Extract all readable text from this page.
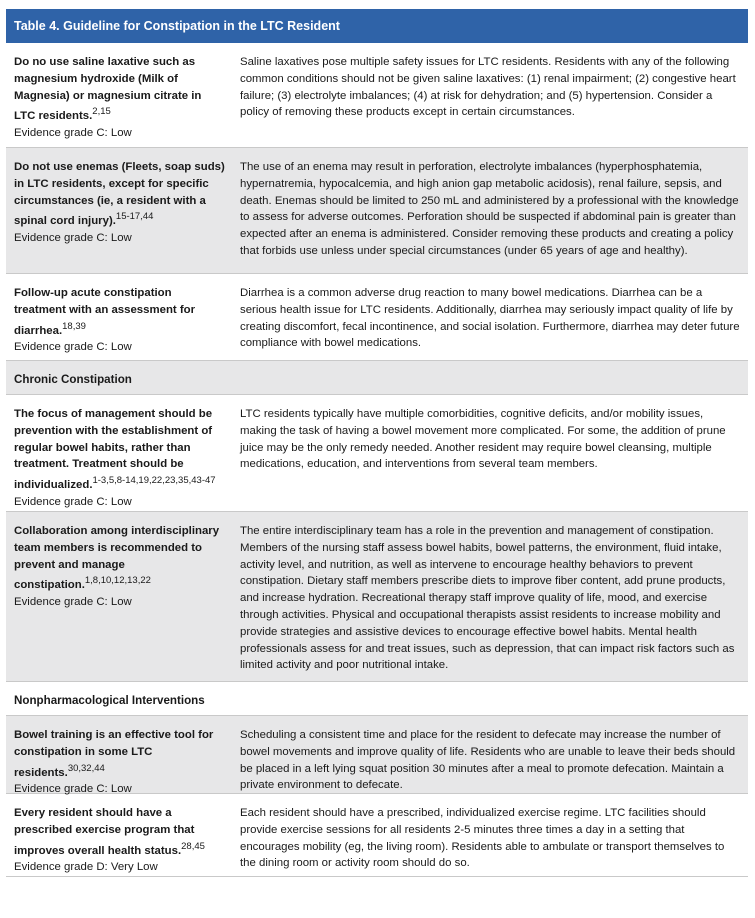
Table 4. Guideline for Constipation in the LTC Resident
Do no use saline laxative such as magnesium hydroxide (Milk of Magnesia) or magnesium citrate in LTC residents.$^{2,15}$
Evidence grade C: Low
Saline laxatives pose multiple safety issues for LTC residents. Residents with any of the following common conditions should not be given saline laxatives: (1) renal impairment; (2) congestive heart failure; (3) electrolyte imbalances; (4) at risk for dehydration; and (5) hypertension. Consider a policy of removing these products except in certain circumstances.
Do not use enemas (Fleets, soap suds) in LTC residents, except for specific circumstances (ie, a resident with a spinal cord injury).$^{15-17,44}$
Evidence grade C: Low
The use of an enema may result in perforation, electrolyte imbalances (hyperphosphatemia, hypernatremia, hypocalcemia, and high anion gap metabolic acidosis), renal failure, sepsis, and death. Enemas should be limited to 250 mL and administered by a professional with the knowledge to assess for adverse outcomes. Perforation should be suspected if abdominal pain is greater than expected after an enema is administered. Consider removing these products and creating a policy that forbids use unless under special circumstances (under 65 years of age and healthy).
Follow-up acute constipation treatment with an assessment for diarrhea.$^{18,39}$
Evidence grade C: Low
Diarrhea is a common adverse drug reaction to many bowel medications. Diarrhea can be a serious health issue for LTC residents. Additionally, diarrhea may seriously impact quality of life by creating discomfort, fecal incontinence, and social isolation. Furthermore, diarrhea may deter future compliance with bowel medications.
Chronic Constipation
The focus of management should be prevention with the establishment of regular bowel habits, rather than treatment. Treatment should be individualized.$^{1-3,5,8-14,19,22,23,35,43-47}$
Evidence grade C: Low
LTC residents typically have multiple comorbidities, cognitive deficits, and/or mobility issues, making the task of having a bowel movement more complicated. For some, the addition of prune juice may be the only remedy needed. Another resident may require bowel cleansing, multiple medications, education, and interventions from several team members.
Collaboration among interdisciplinary team members is recommended to prevent and manage constipation.$^{1,8,10,12,13,22}$
Evidence grade C: Low
The entire interdisciplinary team has a role in the prevention and management of constipation. Members of the nursing staff assess bowel habits, bowel patterns, the environment, fluid intake, activity level, and nutrition, as well as intervene to encourage healthy behaviors to prevent constipation. Dietary staff members prescribe diets to improve fiber content, add prune products, and increase hydration. Recreational therapy staff improve quality of life, mood, and exercise through activities. Physical and occupational therapists assist residents to increase mobility and provide strategies and assistive devices to encourage effective bowel habits. Mental health professionals assess for and treat issues, such as depression, that can impact risk factors such as limited activity and poor nutritional intake.
Nonpharmacological Interventions
Bowel training is an effective tool for constipation in some LTC residents.$^{30,32,44}$
Evidence grade C: Low
Scheduling a consistent time and place for the resident to defecate may increase the number of bowel movements and improve quality of life. Residents who are unable to leave their beds should be placed in a left lying squat position 30 minutes after a meal to promote defecation. Maintain a private environment to defecate.
Every resident should have a prescribed exercise program that improves overall health status.$^{28,45}$
Evidence grade D: Very Low
Each resident should have a prescribed, individualized exercise regime. LTC facilities should provide exercise sessions for all residents 2-5 minutes three times a day in a setting that encourages mobility (eg, the living room). Residents able to ambulate or transport themselves to the dining room or activity room should do so.
